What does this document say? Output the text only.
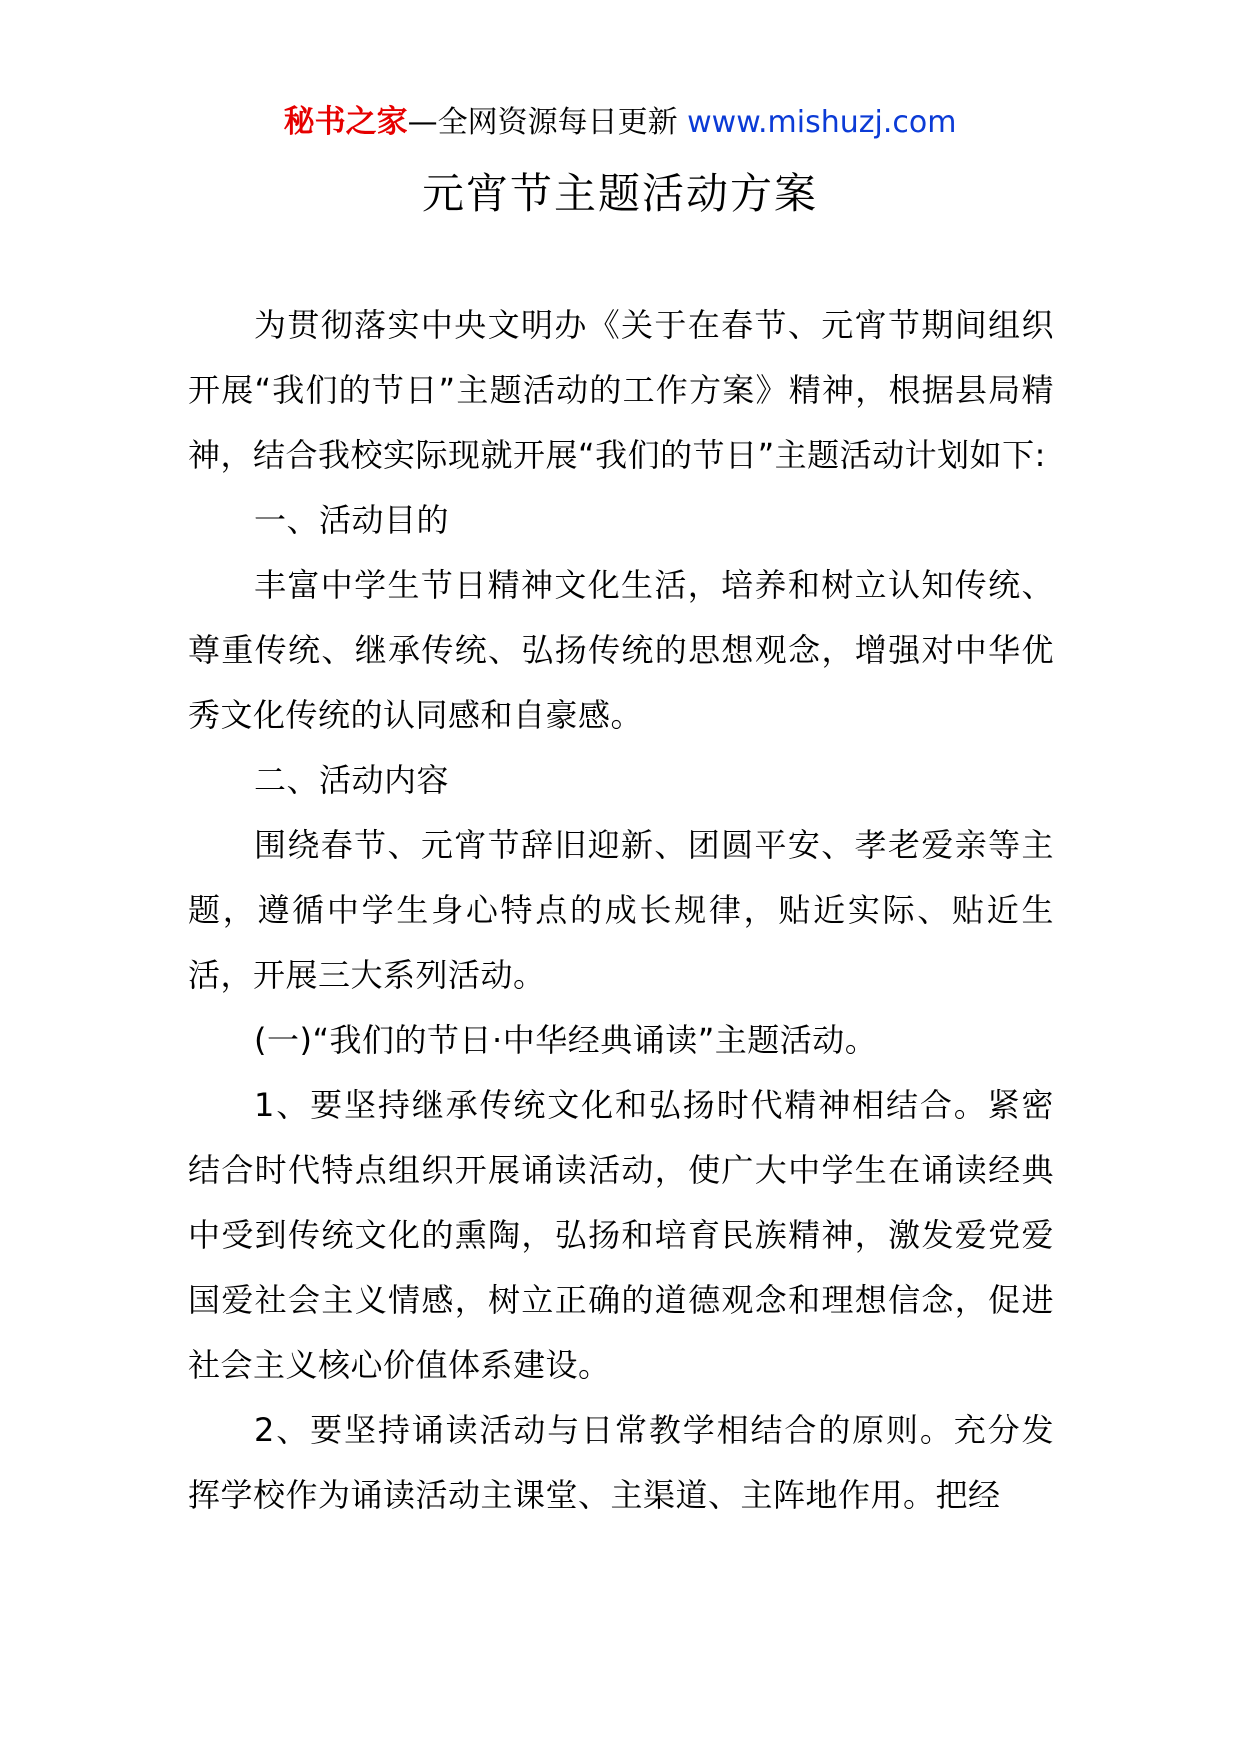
秘书之家—全网资源每日更新 www.mishuzj.com
元宵节主题活动方案

为贯彻落实中央文明办《关于在春节、元宵节期间组织开展“我们的节日”主题活动的工作方案》精神，根据县局精神，结合我校实际现就开展“我们的节日”主题活动计划如下:

一、活动目的

丰富中学生节日精神文化生活，培养和树立认知传统、尊重传统、继承传统、弘扬传统的思想观念，增强对中华优秀文化传统的认同感和自豪感。

二、活动内容

围绕春节、元宵节辞旧迎新、团圆平安、孝老爱亲等主题，遵循中学生身心特点的成长规律，贴近实际、贴近生活，开展三大系列活动。

(一)“我们的节日·中华经典诵读”主题活动。

1、要坚持继承传统文化和弘扬时代精神相结合。紧密结合时代特点组织开展诵读活动，使广大中学生在诵读经典中受到传统文化的熏陶，弘扬和培育民族精神，激发爱党爱国爱社会主义情感，树立正确的道德观念和理想信念，促进社会主义核心价值体系建设。

2、要坚持诵读活动与日常教学相结合的原则。充分发挥学校作为诵读活动主课堂、主渠道、主阵地作用。把经
